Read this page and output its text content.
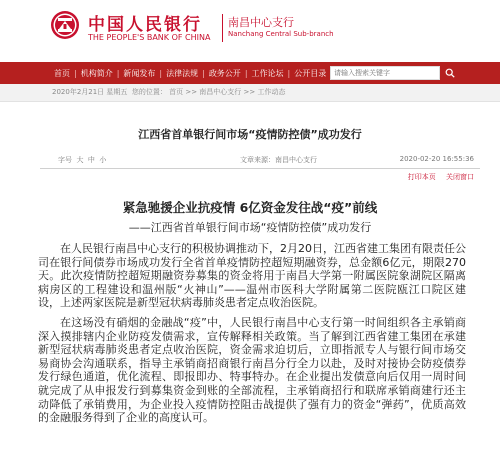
中国人民银行
THE PEOPLE'S BANK OF CHINA
南昌中心支行
Nanchang Central Sub-branch
首页 | 机构简介 | 新闻发布 | 法律法规 | 政务公开 | 工作论坛 | 公开目录
请输入搜索关键字
2020年2月21日 星期五 您的位置： 首页 >> 南昌中心支行 >> 工作动态
江西省首单银行间市场“疫情防控债”成功发行
字号 大 中 小	文章来源：南昌中心支行	2020-02-20 16:55:36
打印本页 关闭窗口
紧急驰援企业抗疫情 6亿资金发往战“疫”前线
——江西省首单银行间市场“疫情防控债”成功发行

在人民银行南昌中心支行的积极协调推动下，2月20日，江西省建工集团有限责任公司在银行间债券市场成功发行全省首单疫情防控超短期融资券，总金额6亿元，期限270天。此次疫情防控超短期融资券募集的资金将用于南昌大学第一附属医院象湖院区隔离病房区的工程建设和温州版“火神山”——温州市医科大学附属第二医院瓯江口院区建设，上述两家医院是新型冠状病毒肺炎患者定点收治医院。

在这场没有硝烟的金融战“疫”中，人民银行南昌中心支行第一时间组织各主承销商深入摸排辖内企业防疫发债需求，宣传解释相关政策。当了解到江西省建工集团在承建新型冠状病毒肺炎患者定点收治医院，资金需求迫切后，立即指派专人与银行间市场交易商协会沟通联系，指导主承销商招商银行南昌分行全力以赴，及时对接协会防疫债券发行绿色通道，优化流程、即报即办、特事特办。在企业提出发债意向后仅用一周时间就完成了从申报发行到募集资金到账的全部流程，主承销商招行和联席承销商建行还主动降低了承销费用，为企业投入疫情防控阻击战提供了强有力的资金“弹药”，优质高效的金融服务得到了企业的高度认可。
